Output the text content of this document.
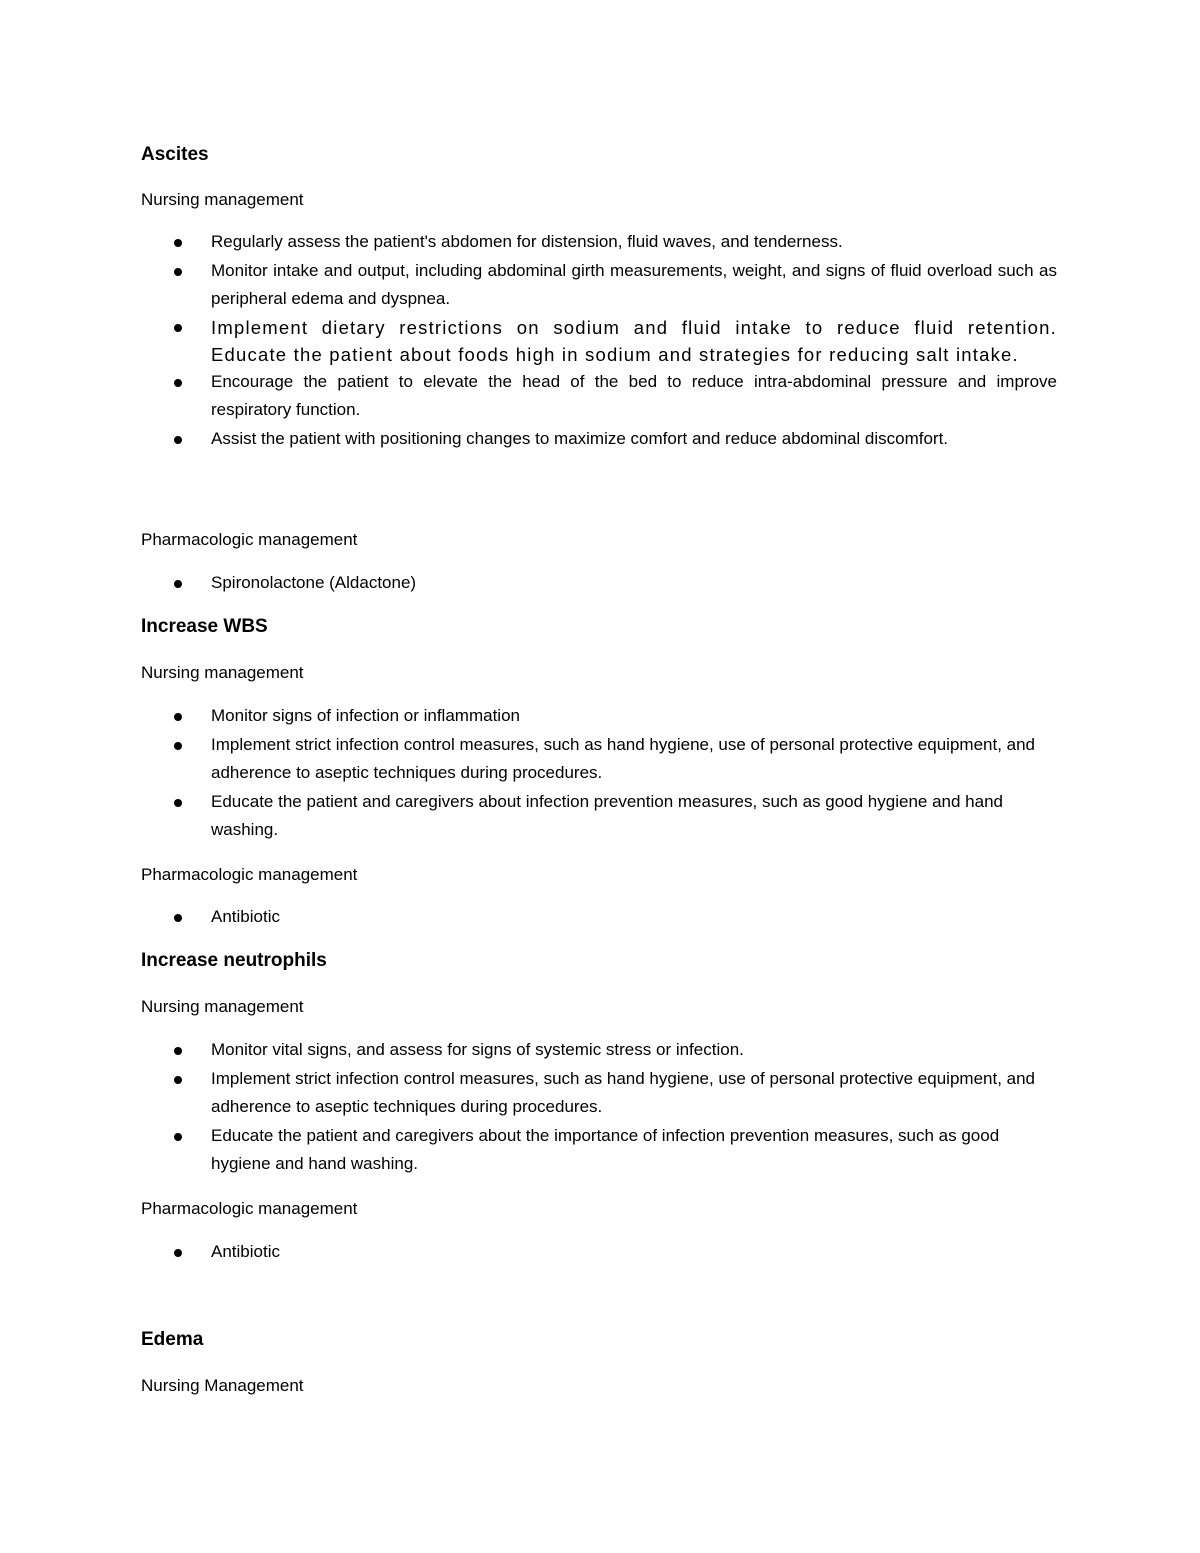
Ascites
Nursing management
Regularly assess the patient's abdomen for distension, fluid waves, and tenderness.
Monitor intake and output, including abdominal girth measurements, weight, and signs of fluid overload such as peripheral edema and dyspnea.
Implement dietary restrictions on sodium and fluid intake to reduce fluid retention. Educate the patient about foods high in sodium and strategies for reducing salt intake.
Encourage the patient to elevate the head of the bed to reduce intra-abdominal pressure and improve respiratory function.
Assist the patient with positioning changes to maximize comfort and reduce abdominal discomfort.
Pharmacologic management
Spironolactone (Aldactone)
Increase WBS
Nursing management
Monitor signs of infection or inflammation
Implement strict infection control measures, such as hand hygiene, use of personal protective equipment, and adherence to aseptic techniques during procedures.
Educate the patient and caregivers about infection prevention measures, such as good hygiene and hand washing.
Pharmacologic management
Antibiotic
Increase neutrophils
Nursing management
Monitor vital signs, and assess for signs of systemic stress or infection.
Implement strict infection control measures, such as hand hygiene, use of personal protective equipment, and adherence to aseptic techniques during procedures.
Educate the patient and caregivers about the importance of infection prevention measures, such as good hygiene and hand washing.
Pharmacologic management
Antibiotic
Edema
Nursing Management
